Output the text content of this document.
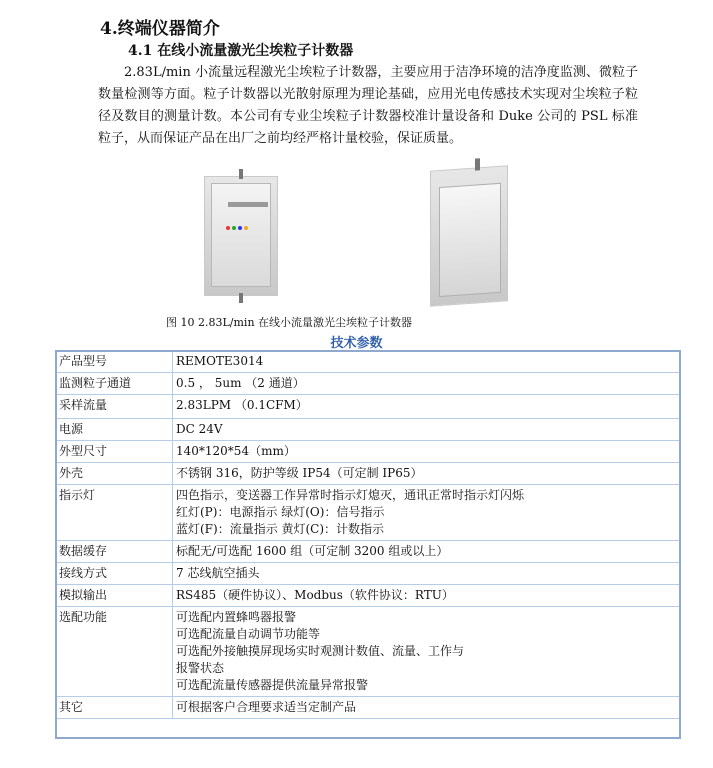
4.终端仪器简介
4.1 在线小流量激光尘埃粒子计数器
2.83L/min 小流量远程激光尘埃粒子计数器，主要应用于洁净环境的洁净度监测、微粒子数量检测等方面。粒子计数器以光散射原理为理论基础，应用光电传感技术实现对尘埃粒子粒径及数目的测量计数。本公司有专业尘埃粒子计数器校准计量设备和 Duke 公司的 PSL 标准粒子，从而保证产品在出厂之前均经严格计量校验，保证质量。
图 10 2.83L/min 在线小流量激光尘埃粒子计数器
技术参数
产品型号	REMOTE3014

监测粒子通道	0.5 ， 5um （2 通道）

采样流量	2.83LPM （0.1CFM）

电源	DC 24V

外型尺寸	140*120*54（mm）

外壳	不锈钢 316，防护等级 IP54（可定制 IP65）

指示灯	四色指示，变送器工作异常时指示灯熄灭，通讯正常时指示灯闪烁
红灯(P)：电源指示 绿灯(O)：信号指示
蓝灯(F)：流量指示 黄灯(C)：计数指示

数据缓存	标配无/可选配 1600 组（可定制 3200 组或以上）

接线方式	7 芯线航空插头

模拟输出	RS485（硬件协议）、Modbus（软件协议：RTU）

选配功能	可选配内置蜂鸣器报警
可选配流量自动调节功能等
可选配外接触摸屏现场实时观测计数值、流量、工作与
报警状态
可选配流量传感器提供流量异常报警

其它	可根据客户合理要求适当定制产品
